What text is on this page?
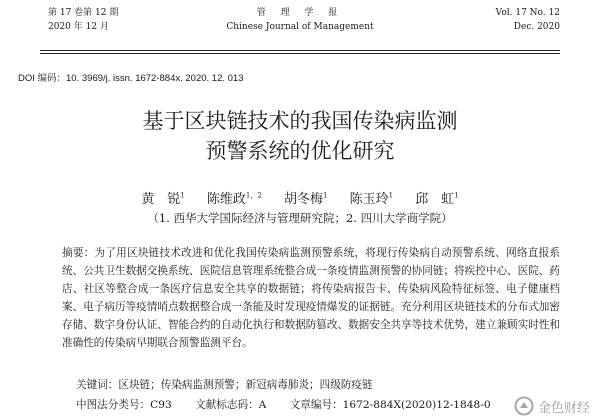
第 17 卷第 12 期
2020 年 12 月
管 理 学 报
Chinese Journal of Management
Vol. 17 No. 12
Dec. 2020
DOI 编码：10. 3969/j. issn. 1672-884x. 2020. 12. 013
基于区块链技术的我国传染病监测
预警系统的优化研究
黄　锐$^1$ 陈维政$^{1,2}$ 胡冬梅$^1$ 陈玉玲$^1$ 邱　虹$^1$
（1. 西华大学国际经济与管理研究院；2. 四川大学商学院）
摘要：为了用区块链技术改进和优化我国传染病监测预警系统，将现行传染病自动预警系统、网络直报系统、公共卫生数据交换系统、医院信息管理系统整合成一条疫情监测预警的协同链；将疾控中心、医院、药店、社区等整合成一条医疗信息安全共享的数据链；将传染病报告卡、传染病风险特征标签、电子健康档案、电子病历等疫情哨点数据整合成一条能及时发现疫情爆发的证据链。充分利用区块链技术的分布式加密存储、数字身份认证、智能合约的自动化执行和数据防篡改、数据安全共享等技术优势，建立兼顾实时性和准确性的传染病早期联合预警监测平台。
关键词：区块链；传染病监测预警；新冠病毒肺炎；四级防疫链
中图法分类号：C93 文献标志码：A 文章编号：1672-884X(2020)12-1848-0	金色财经
